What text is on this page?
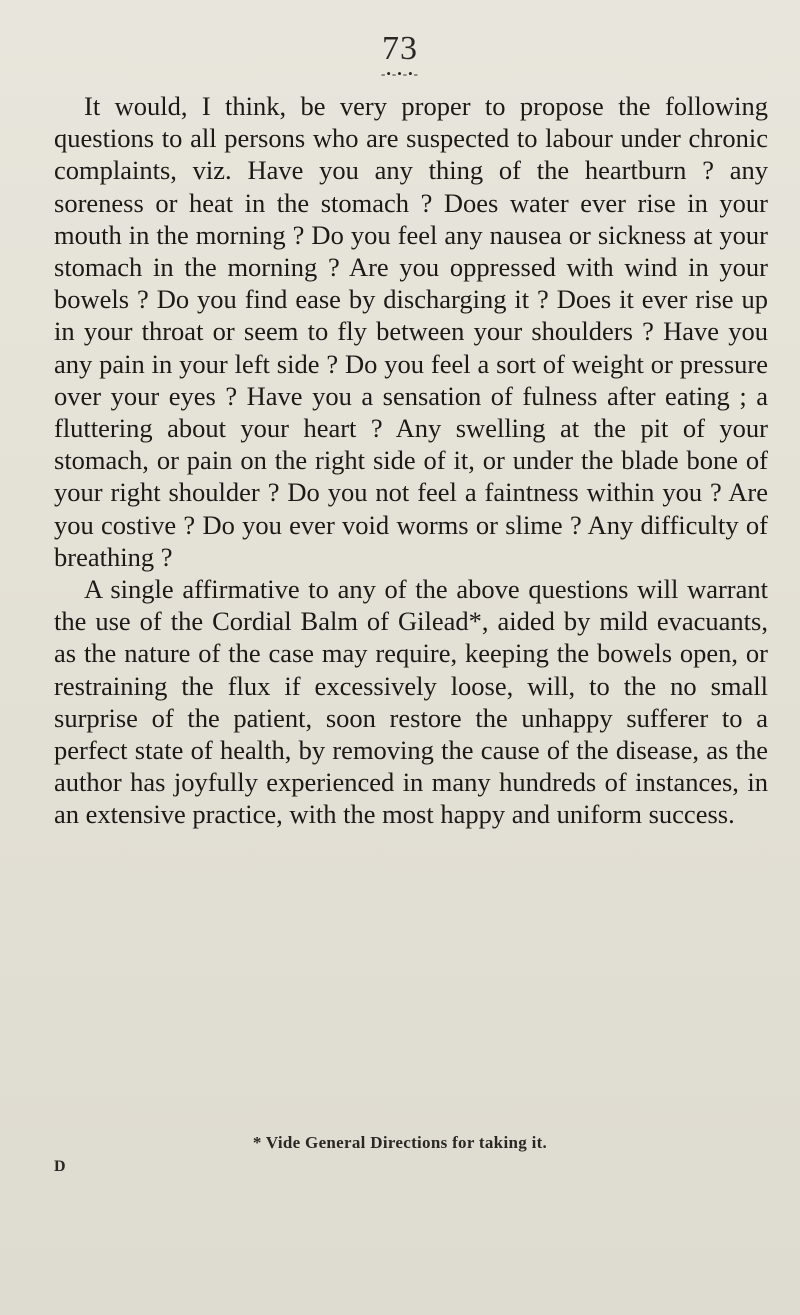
73
-•-•-•-

It would, I think, be very proper to propose the following questions to all persons who are suspected to labour under chronic complaints, viz. Have you any thing of the heartburn ? any soreness or heat in the stomach ? Does water ever rise in your mouth in the morning ? Do you feel any nausea or sickness at your stomach in the morning ? Are you oppressed with wind in your bowels ? Do you find ease by discharging it ? Does it ever rise up in your throat or seem to fly between your shoulders ? Have you any pain in your left side ? Do you feel a sort of weight or pressure over your eyes ? Have you a sensation of fulness after eating ; a fluttering about your heart ? Any swelling at the pit of your stomach, or pain on the right side of it, or under the blade bone of your right shoulder ? Do you not feel a faintness within you ? Are you costive ? Do you ever void worms or slime ? Any difficulty of breathing ?

A single affirmative to any of the above questions will warrant the use of the Cordial Balm of Gilead*, aided by mild evacuants, as the nature of the case may require, keeping the bowels open, or restraining the flux if excessively loose, will, to the no small surprise of the patient, soon restore the unhappy sufferer to a perfect state of health, by removing the cause of the disease, as the author has joyfully experienced in many hundreds of instances, in an extensive practice, with the most happy and uniform success.

* Vide General Directions for taking it.
D
